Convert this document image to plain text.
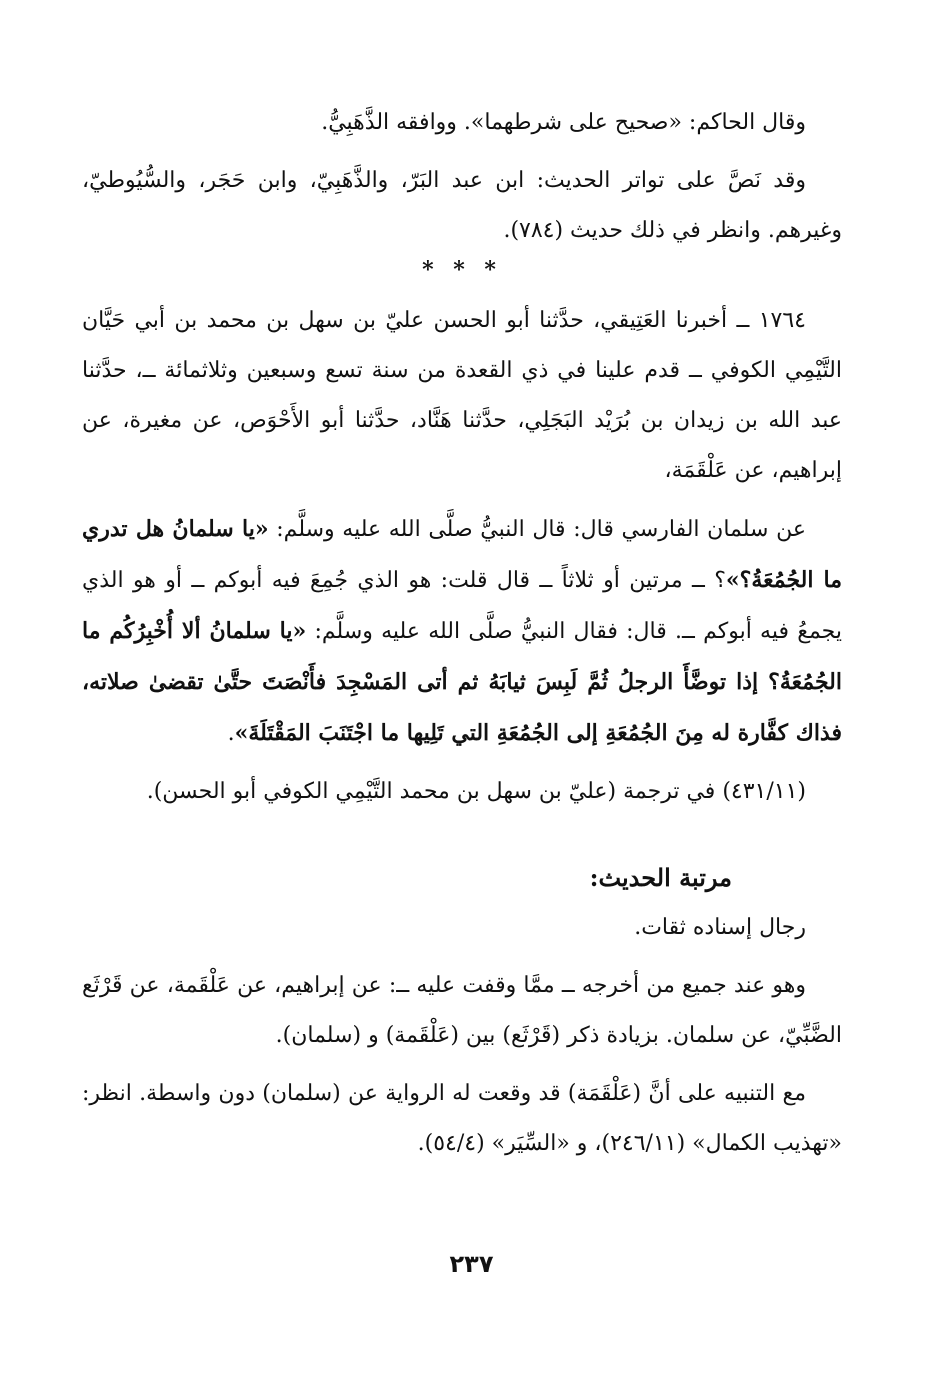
وقال الحاكم: «صحيح على شرطهما». ووافقه الذَّهَبِيُّ.

وقد نَصَّ على تواتر الحديث: ابن عبد البَرّ، والذَّهَبِيّ، وابن حَجَر، والسُّيُوطيّ، وغيرهم. وانظر في ذلك حديث (٧٨٤).

* * *

١٧٦٤ ــ أخبرنا العَتِيقي، حدَّثنا أبو الحسن عليّ بن سهل بن محمد بن أبي حَيَّان التَّيْمِي الكوفي ــ قدم علينا في ذي القعدة من سنة تسع وسبعين وثلاثمائة ــ، حدَّثنا عبد الله بن زيدان بن بُرَيْد البَجَلِي، حدَّثنا هَنَّاد، حدَّثنا أبو الأَحْوَص، عن مغيرة، عن إبراهيم، عن عَلْقَمَة،

عن سلمان الفارسي قال: قال النبيُّ صلَّى الله عليه وسلَّم: «يا سلمانُ هل تدري ما الجُمُعَةُ؟»؟ ــ مرتين أو ثلاثاً ــ قال قلت: هو الذي جُمِعَ فيه أبوكم ــ أو هو الذي يجمعُ فيه أبوكم ــ. قال: فقال النبيُّ صلَّى الله عليه وسلَّم: «يا سلمانُ ألا أُخْبِرُكُم ما الجُمُعَةُ؟ إذا توضَّأَ الرجلُ ثُمَّ لَبِسَ ثيابَهُ ثم أتى المَسْجِدَ فأَنْصَتَ حتَّىٰ تقضىٰ صلاته، فذاك كفَّارة له مِنَ الجُمُعَةِ إلى الجُمُعَةِ التي تَلِيها ما اجْتَنَبَ المَقْتَلَةَ».

(٤٣١/١١) في ترجمة (عليّ بن سهل بن محمد التَّيْمِي الكوفي أبو الحسن).

مرتبة الحديث:

رجال إسناده ثقات.

وهو عند جميع من أخرجه ــ ممَّا وقفت عليه ــ: عن إبراهيم، عن عَلْقَمة، عن قَرْثَع الضَّبِّيّ، عن سلمان. بزيادة ذكر (قَرْثَع) بين (عَلْقَمة) و (سلمان).

مع التنبيه على أنَّ (عَلْقَمَة) قد وقعت له الرواية عن (سلمان) دون واسطة. انظر: «تهذيب الكمال» (٢٤٦/١١)، و «السِّيَر» (٥٤/٤).

٢٣٧
